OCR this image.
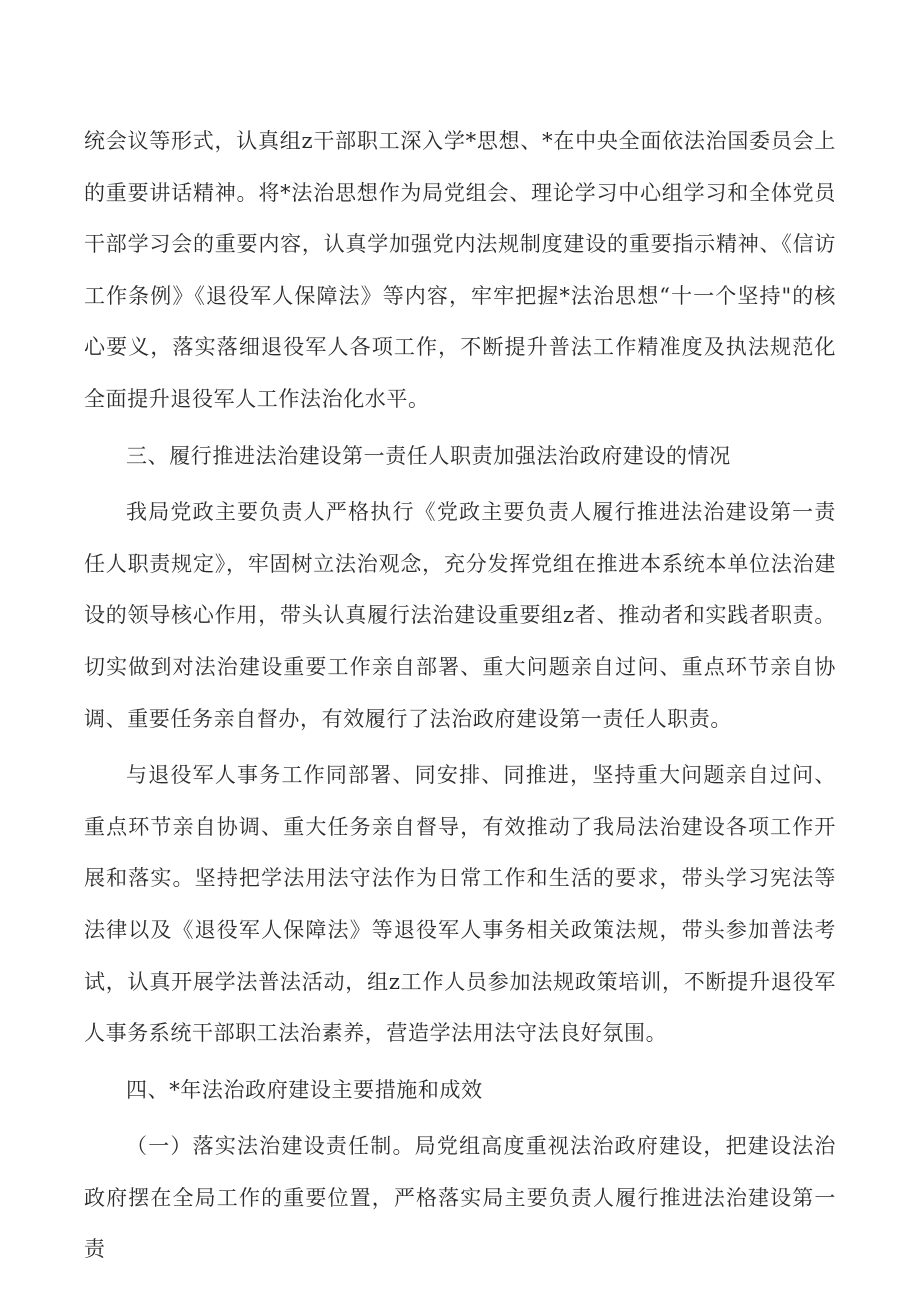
统会议等形式，认真组z干部职工深入学*思想、*在中央全面依法治国委员会上的重要讲话精神。将*法治思想作为局党组会、理论学习中心组学习和全体党员干部学习会的重要内容，认真学加强党内法规制度建设的重要指示精神、《信访工作条例》《退役军人保障法》等内容，牢牢把握*法治思想“十一个坚持"的核心要义，落实落细退役军人各项工作，不断提升普法工作精准度及执法规范化全面提升退役军人工作法治化水平。

三、履行推进法治建设第一责任人职责加强法治政府建设的情况

我局党政主要负责人严格执行《党政主要负责人履行推进法治建设第一责任人职责规定》，牢固树立法治观念，充分发挥党组在推进本系统本单位法治建设的领导核心作用，带头认真履行法治建设重要组z者、推动者和实践者职责。切实做到对法治建设重要工作亲自部署、重大问题亲自过问、重点环节亲自协调、重要任务亲自督办，有效履行了法治政府建设第一责任人职责。

与退役军人事务工作同部署、同安排、同推进，坚持重大问题亲自过问、重点环节亲自协调、重大任务亲自督导，有效推动了我局法治建设各项工作开展和落实。坚持把学法用法守法作为日常工作和生活的要求，带头学习宪法等法律以及《退役军人保障法》等退役军人事务相关政策法规，带头参加普法考试，认真开展学法普法活动，组z工作人员参加法规政策培训，不断提升退役军人事务系统干部职工法治素养，营造学法用法守法良好氛围。

四、*年法治政府建设主要措施和成效

（一）落实法治建设责任制。局党组高度重视法治政府建设，把建设法治政府摆在全局工作的重要位置，严格落实局主要负责人履行推进法治建设第一责
